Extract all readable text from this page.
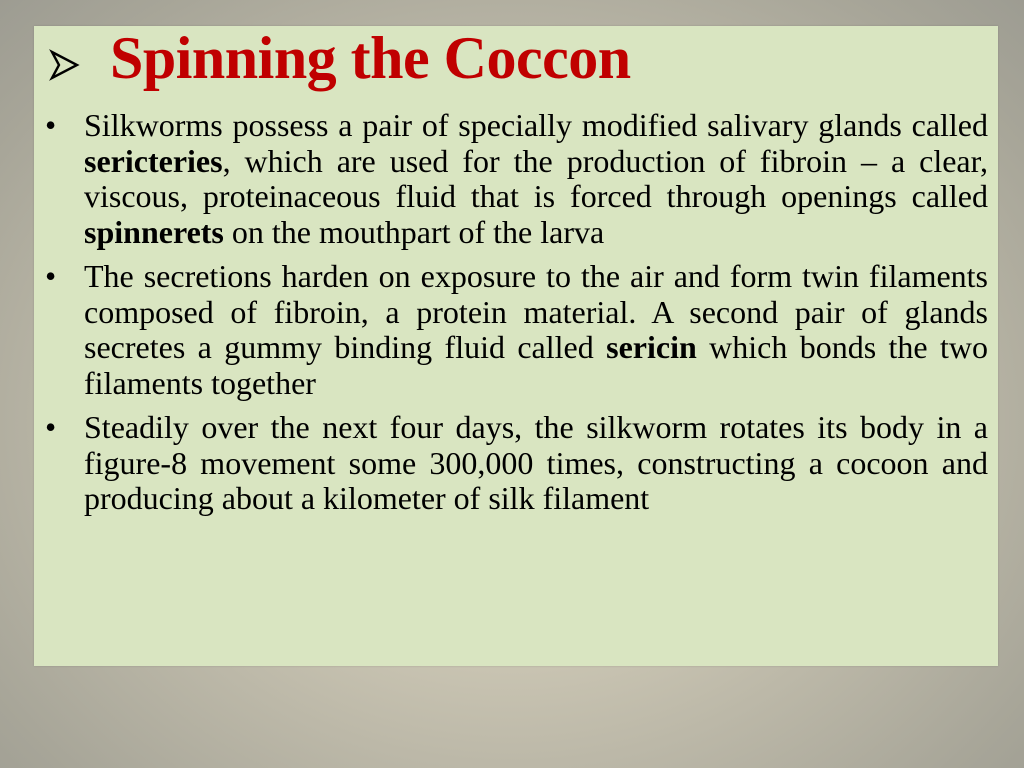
Spinning the Coccon
• Silkworms possess a pair of specially modified salivary glands called sericteries, which are used for the production of fibroin – a clear, viscous, proteinaceous fluid that is forced through openings called spinnerets on the mouthpart of the larva
• The secretions harden on exposure to the air and form twin filaments composed of fibroin, a protein material. A second pair of glands secretes a gummy binding fluid called sericin which bonds the two filaments together
• Steadily over the next four days, the silkworm rotates its body in a figure-8 movement some 300,000 times, constructing a cocoon and producing about a kilometer of silk filament
